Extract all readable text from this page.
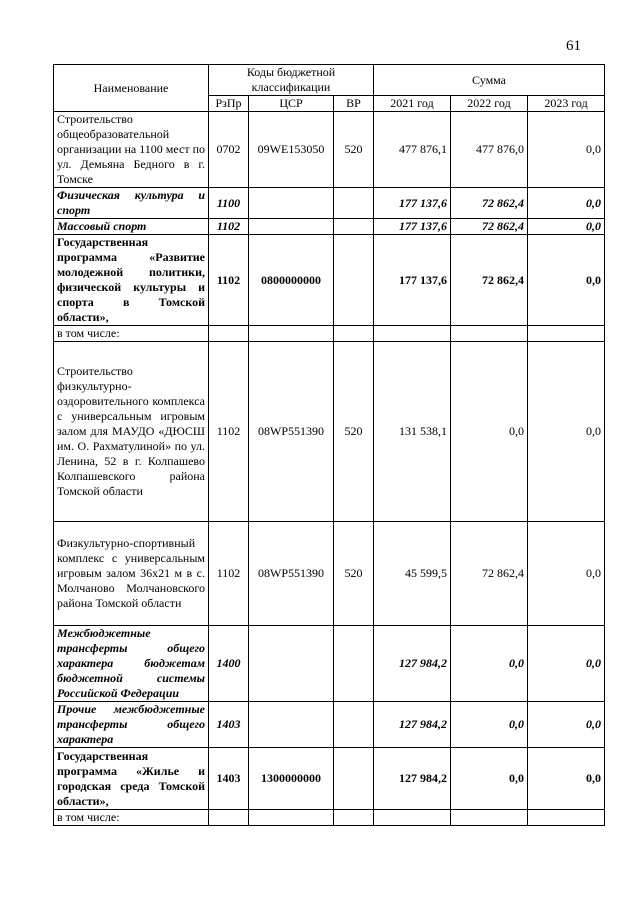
61
Наименование	Коды бюджетной классификации			Сумма		
	РзПр	ЦСР	ВР	2021 год	2022 год	2023 год
Строительство общеобразовательной организации на 1100 мест по ул. Демьяна Бедного в г. Томске	0702	09WE153050	520	477 876,1	477 876,0	0,0
Физическая культура и спорт	1100			177 137,6	72 862,4	0,0
Массовый спорт	1102			177 137,6	72 862,4	0,0
Государственная программа «Развитие молодежной политики, физической культуры и спорта в Томской области»,	1102	0800000000		177 137,6	72 862,4	0,0
в том числе:						
Строительство физкультурно-оздоровительного комплекса с универсальным игровым залом для МАУДО «ДЮСШ им. О. Рахматулиной» по ул. Ленина, 52 в г. Колпашево Колпашевского района Томской области	1102	08WP551390	520	131 538,1	0,0	0,0
Физкультурно-спортивный комплекс с универсальным игровым залом 36х21 м в с. Молчаново Молчановского района Томской области	1102	08WP551390	520	45 599,5	72 862,4	0,0
Межбюджетные трансферты общего характера бюджетам бюджетной системы Российской Федерации	1400			127 984,2	0,0	0,0
Прочие межбюджетные трансферты общего характера	1403			127 984,2	0,0	0,0
Государственная программа «Жилье и городская среда Томской области»,	1403	1300000000		127 984,2	0,0	0,0
в том числе:						
